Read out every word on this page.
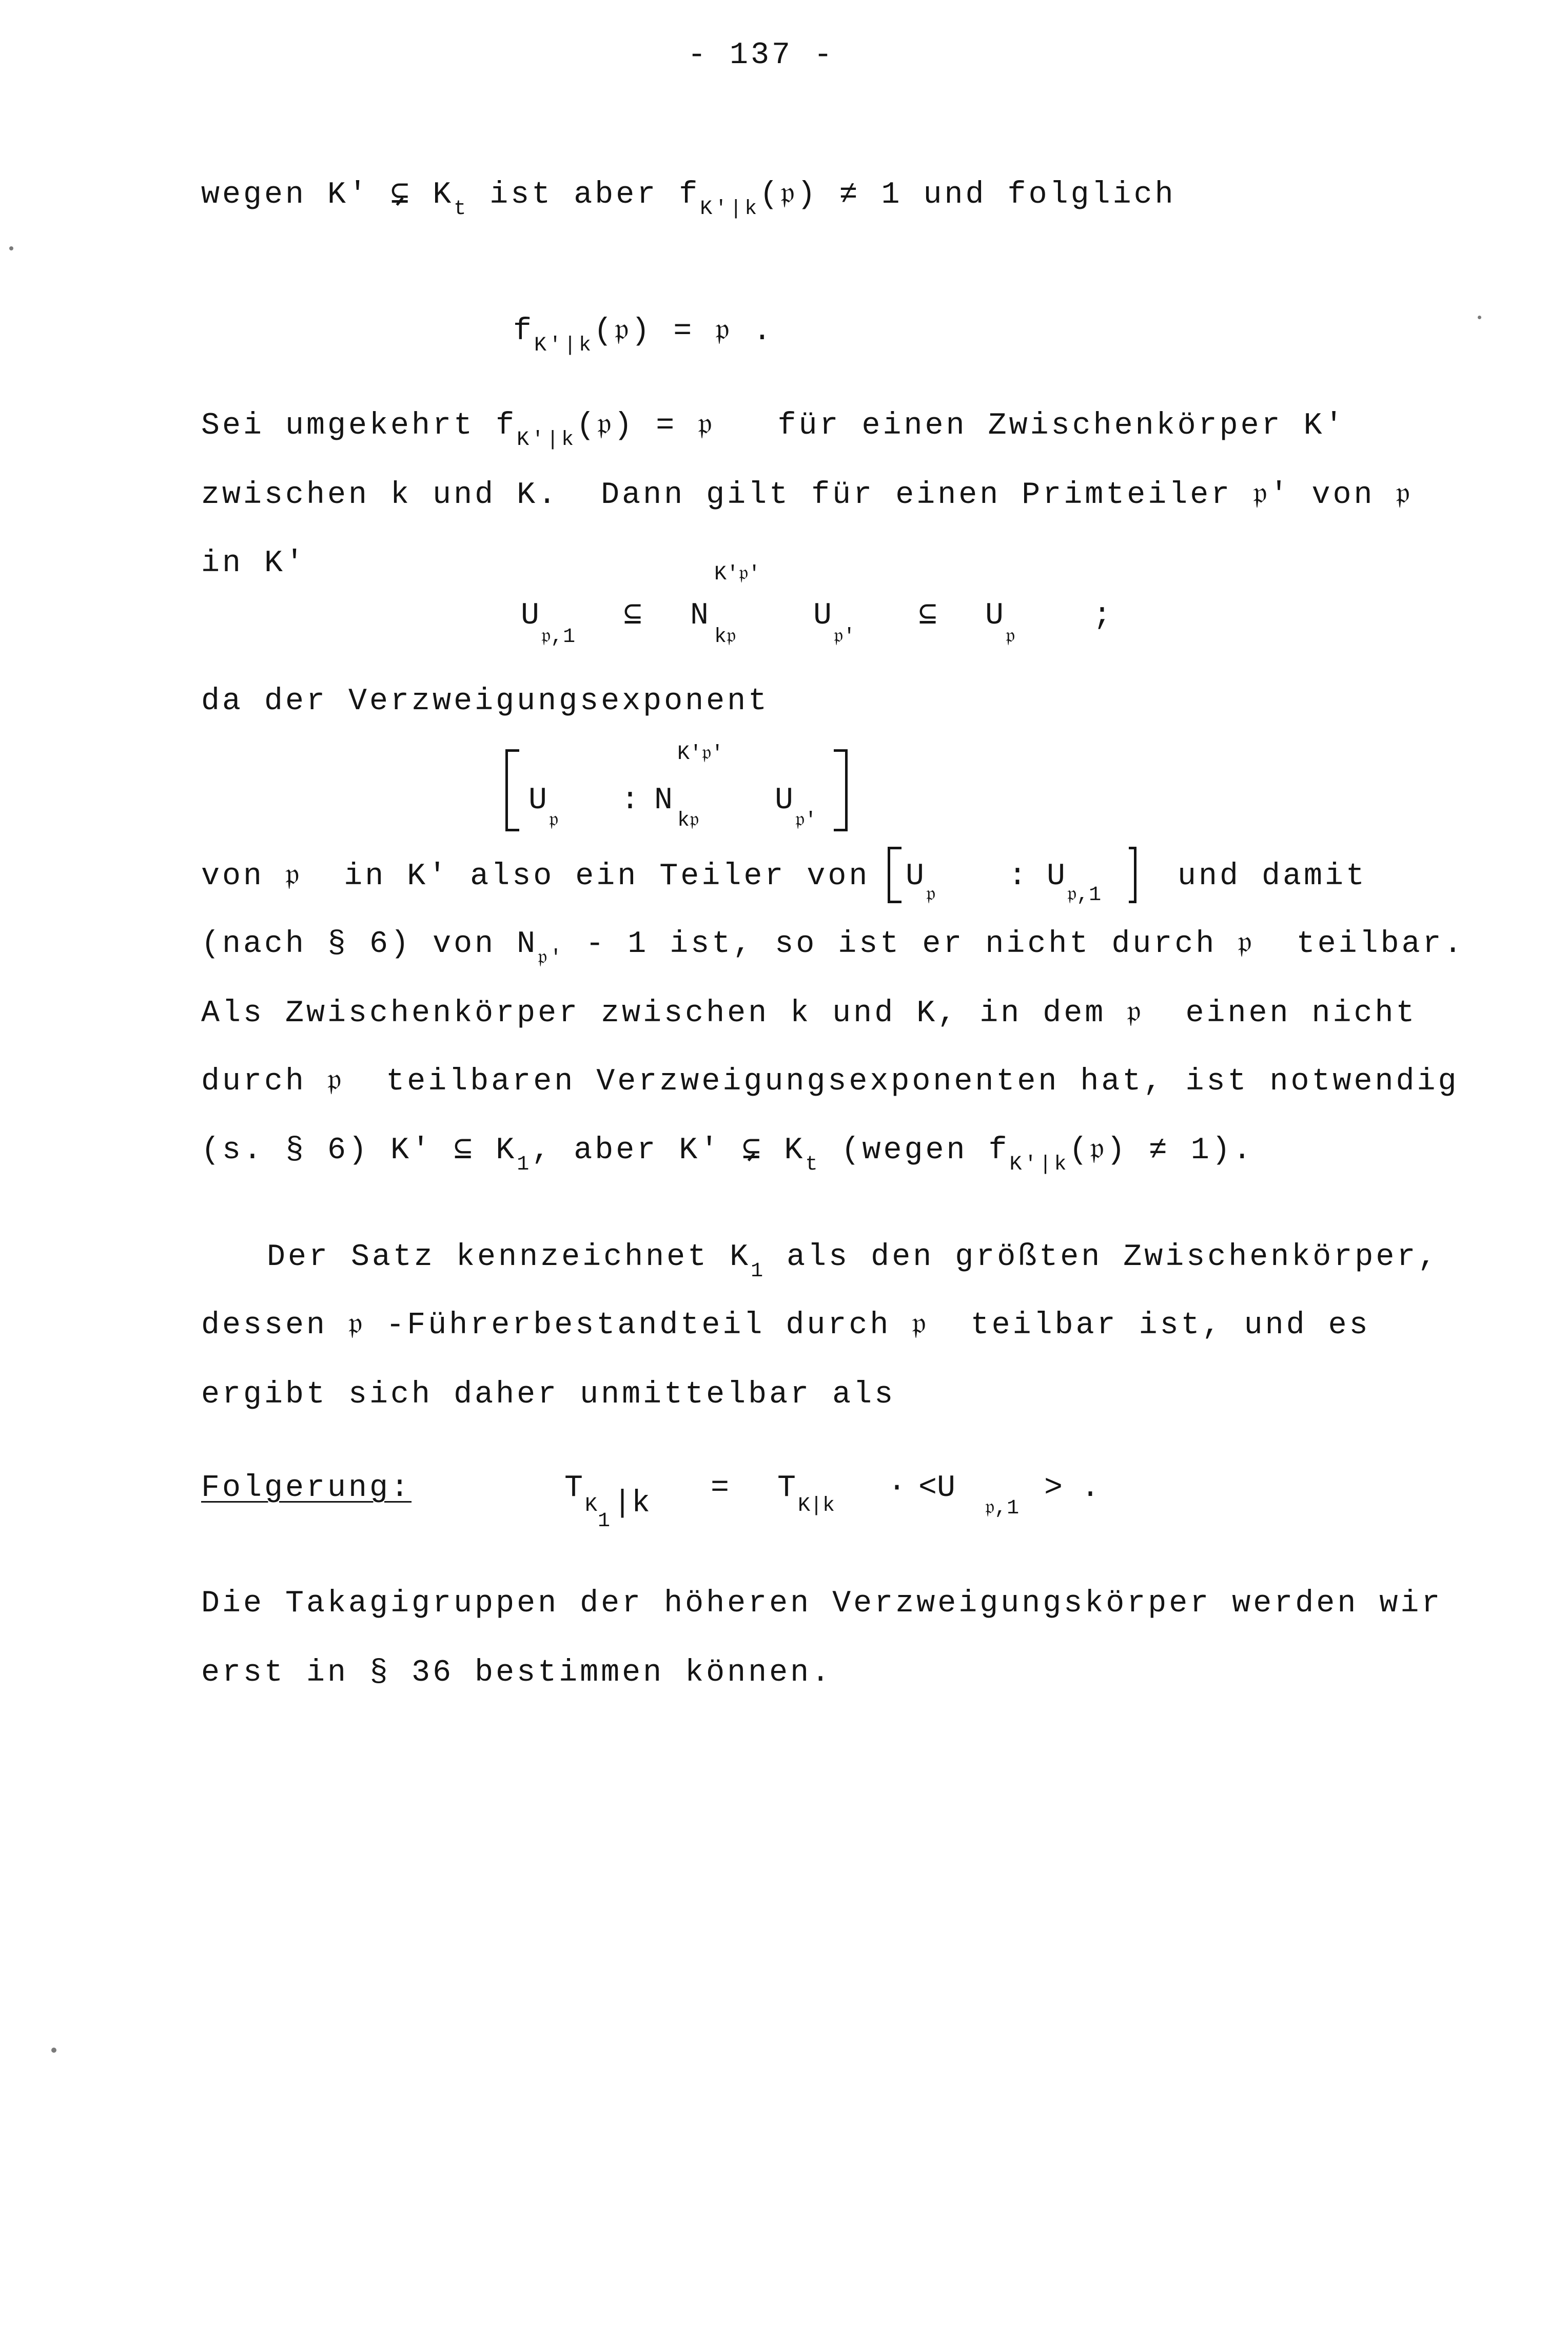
- 137 -
wegen K' ⊊ $K_t$ ist aber $f_{K'|k}(𝔭) \ne 1$ und folglich
$f_{K'|k}(𝔭)$ = 𝔭 .
Sei umgekehrt $f_{K'|k}(𝔭)$ = 𝔭   für einen Zwischenkörper K'
zwischen k und K.  Dann gilt für einen Primteiler 𝔭' von 𝔭
in K'
U
𝔭,1
⊆ N
K'𝔭'
k𝔭
U
𝔭'
⊆ U
𝔭
;
da der Verzweigungsexponent
U
𝔭
: N
K'𝔭'
k𝔭
U
𝔭'
von 𝔭  in K' also ein Teiler von U
𝔭
: U
𝔭,1
und damit
(nach § 6) von $N_{𝔭'} - 1$ ist, so ist er nicht durch 𝔭  teilbar.
Als Zwischenkörper zwischen k und K, in dem 𝔭  einen nicht
durch 𝔭  teilbaren Verzweigungsexponenten hat, ist notwendig
(s. § 6) K' ⊆ $K_1$, aber K' ⊊ $K_t$ (wegen $f_{K'|k}(𝔭) \ne 1$).
Der Satz kennzeichnet $K_1$ als den größten Zwischenkörper,
dessen 𝔭 -Führerbestandteil durch 𝔭  teilbar ist, und es
ergibt sich daher unmittelbar als
Folgerung:	T
K
1
|k = T
K|k
· <U
𝔭,1
> .
Die Takagigruppen der höheren Verzweigungskörper werden wir
erst in § 36 bestimmen können.
